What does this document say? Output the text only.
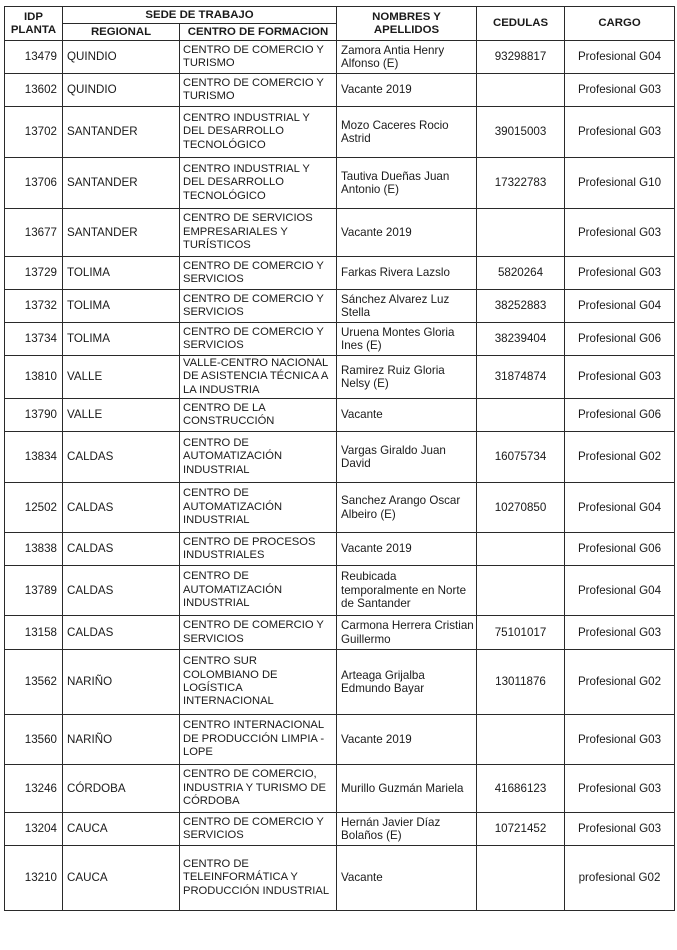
IDP PLANTA	SEDE DE TRABAJO		NOMBRES Y APELLIDOS	CEDULAS	CARGO
	REGIONAL	CENTRO DE FORMACION			
13479	QUINDIO	CENTRO DE COMERCIO Y TURISMO	Zamora Antia Henry Alfonso (E)	93298817	Profesional G04
13602	QUINDIO	CENTRO DE COMERCIO Y TURISMO	Vacante 2019		Profesional G03
13702	SANTANDER	CENTRO INDUSTRIAL Y DEL DESARROLLO TECNOLÓGICO	Mozo Caceres Rocio Astrid	39015003	Profesional G03
13706	SANTANDER	CENTRO INDUSTRIAL Y DEL DESARROLLO TECNOLÓGICO	Tautiva Dueñas Juan Antonio (E)	17322783	Profesional G10
13677	SANTANDER	CENTRO DE SERVICIOS EMPRESARIALES Y TURÍSTICOS	Vacante 2019		Profesional G03
13729	TOLIMA	CENTRO DE COMERCIO Y SERVICIOS	Farkas Rivera Lazslo	5820264	Profesional G03
13732	TOLIMA	CENTRO DE COMERCIO Y SERVICIOS	Sánchez Alvarez Luz Stella	38252883	Profesional G04
13734	TOLIMA	CENTRO DE COMERCIO Y SERVICIOS	Uruena Montes Gloria Ines (E)	38239404	Profesional G06
13810	VALLE	VALLE-CENTRO NACIONAL DE ASISTENCIA TÉCNICA A LA INDUSTRIA	Ramirez Ruiz Gloria Nelsy (E)	31874874	Profesional G03
13790	VALLE	CENTRO DE LA CONSTRUCCIÓN	Vacante		Profesional G06
13834	CALDAS	CENTRO DE AUTOMATIZACIÓN INDUSTRIAL	Vargas Giraldo Juan David	16075734	Profesional G02
12502	CALDAS	CENTRO DE AUTOMATIZACIÓN INDUSTRIAL	Sanchez Arango Oscar Albeiro (E)	10270850	Profesional G04
13838	CALDAS	CENTRO DE PROCESOS INDUSTRIALES	Vacante 2019		Profesional G06
13789	CALDAS	CENTRO DE AUTOMATIZACIÓN INDUSTRIAL	Reubicada temporalmente en Norte de Santander		Profesional G04
13158	CALDAS	CENTRO DE COMERCIO Y SERVICIOS	Carmona Herrera Cristian Guillermo	75101017	Profesional G03
13562	NARIÑO	CENTRO SUR COLOMBIANO DE LOGÍSTICA INTERNACIONAL	Arteaga Grijalba Edmundo Bayar	13011876	Profesional G02
13560	NARIÑO	CENTRO INTERNACIONAL DE PRODUCCIÓN LIMPIA - LOPE	Vacante 2019		Profesional G03
13246	CÓRDOBA	CENTRO DE COMERCIO, INDUSTRIA Y TURISMO DE CÓRDOBA	Murillo Guzmán Mariela	41686123	Profesional G03
13204	CAUCA	CENTRO DE COMERCIO Y SERVICIOS	Hernán Javier Díaz Bolaños (E)	10721452	Profesional G03
13210	CAUCA	CENTRO DE TELEINFORMÁTICA Y PRODUCCIÓN INDUSTRIAL	Vacante		profesional G02
